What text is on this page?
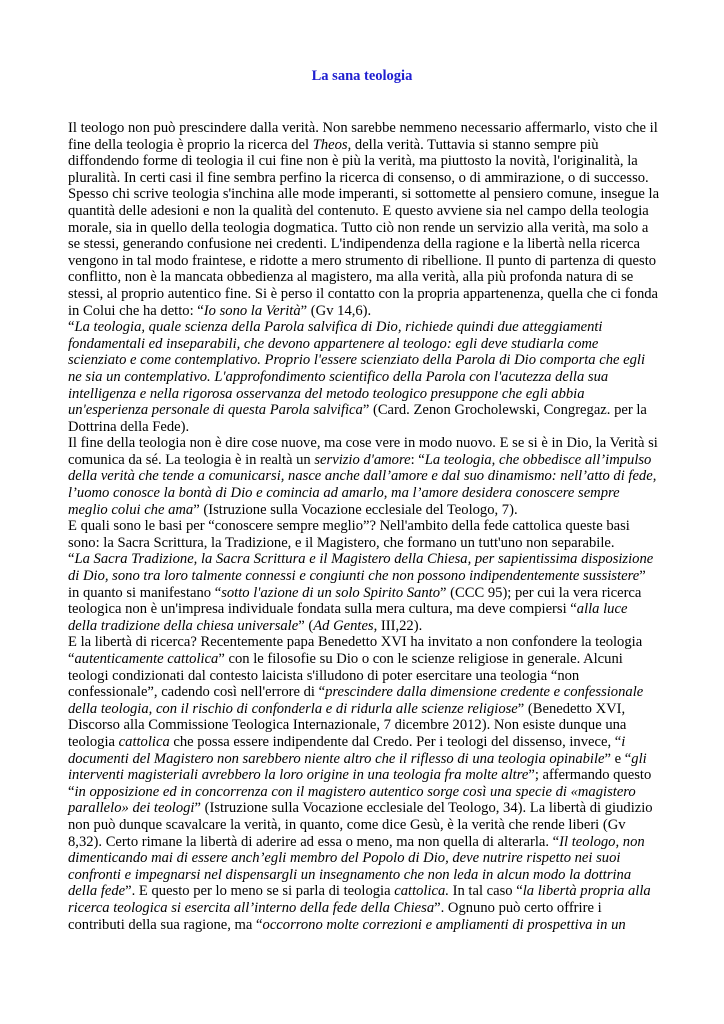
La sana teologia

Il teologo non può prescindere dalla verità. Non sarebbe nemmeno necessario affermarlo, visto che il fine della teologia è proprio la ricerca del Theos, della verità. Tuttavia si stanno sempre più diffondendo forme di teologia il cui fine non è più la verità, ma piuttosto la novità, l'originalità, la pluralità. In certi casi il fine sembra perfino la ricerca di consenso, o di ammirazione, o di successo. Spesso chi scrive teologia s'inchina alle mode imperanti, si sottomette al pensiero comune, insegue la quantità delle adesioni e non la qualità del contenuto. E questo avviene sia nel campo della teologia morale, sia in quello della teologia dogmatica. Tutto ciò non rende un servizio alla verità, ma solo a se stessi, generando confusione nei credenti. L'indipendenza della ragione e la libertà nella ricerca vengono in tal modo fraintese, e ridotte a mero strumento di ribellione. Il punto di partenza di questo conflitto, non è la mancata obbedienza al magistero, ma alla verità, alla più profonda natura di se stessi, al proprio autentico fine. Si è perso il contatto con la propria appartenenza, quella che ci fonda in Colui che ha detto: “Io sono la Verità” (Gv 14,6).

“La teologia, quale scienza della Parola salvifica di Dio, richiede quindi due atteggiamenti fondamentali ed inseparabili, che devono appartenere al teologo: egli deve studiarla come scienziato e come contemplativo. Proprio l'essere scienziato della Parola di Dio comporta che egli ne sia un contemplativo. L'approfondimento scientifico della Parola con l'acutezza della sua intelligenza e nella rigorosa osservanza del metodo teologico presuppone che egli abbia un'esperienza personale di questa Parola salvifica” (Card. Zenon Grocholewski, Congregaz. per la Dottrina della Fede).

Il fine della teologia non è dire cose nuove, ma cose vere in modo nuovo. E se si è in Dio, la Verità si comunica da sé. La teologia è in realtà un servizio d'amore: “La teologia, che obbedisce all’impulso della verità che tende a comunicarsi, nasce anche dall’amore e dal suo dinamismo: nell’atto di fede, l’uomo conosce la bontà di Dio e comincia ad amarlo, ma l’amore desidera conoscere sempre meglio colui che ama” (Istruzione sulla Vocazione ecclesiale del Teologo, 7).

E quali sono le basi per “conoscere sempre meglio”? Nell'ambito della fede cattolica queste basi sono: la Sacra Scrittura, la Tradizione, e il Magistero, che formano un tutt'uno non separabile.

“La Sacra Tradizione, la Sacra Scrittura e il Magistero della Chiesa, per sapientissima disposizione di Dio, sono tra loro talmente connessi e congiunti che non possono indipendentemente sussistere” in quanto si manifestano “sotto l'azione di un solo Spirito Santo” (CCC 95); per cui la vera ricerca teologica non è un'impresa individuale fondata sulla mera cultura, ma deve compiersi “alla luce della tradizione della chiesa universale” (Ad Gentes, III,22).

E la libertà di ricerca? Recentemente papa Benedetto XVI ha invitato a non confondere la teologia “autenticamente cattolica” con le filosofie su Dio o con le scienze religiose in generale. Alcuni teologi condizionati dal contesto laicista s'illudono di poter esercitare una teologia “non confessionale”, cadendo così nell'errore di “prescindere dalla dimensione credente e confessionale della teologia, con il rischio di confonderla e di ridurla alle scienze religiose” (Benedetto XVI, Discorso alla Commissione Teologica Internazionale, 7 dicembre 2012). Non esiste dunque una teologia cattolica che possa essere indipendente dal Credo. Per i teologi del dissenso, invece, “i documenti del Magistero non sarebbero niente altro che il riflesso di una teologia opinabile” e “gli interventi magisteriali avrebbero la loro origine in una teologia fra molte altre”; affermando questo “in opposizione ed in concorrenza con il magistero autentico sorge così una specie di «magistero parallelo» dei teologi” (Istruzione sulla Vocazione ecclesiale del Teologo, 34). La libertà di giudizio non può dunque scavalcare la verità, in quanto, come dice Gesù, è la verità che rende liberi (Gv 8,32). Certo rimane la libertà di aderire ad essa o meno, ma non quella di alterarla. “Il teologo, non dimenticando mai di essere anch’egli membro del Popolo di Dio, deve nutrire rispetto nei suoi confronti e impegnarsi nel dispensargli un insegnamento che non leda in alcun modo la dottrina della fede”. E questo per lo meno se si parla di teologia cattolica. In tal caso “la libertà propria alla ricerca teologica si esercita all’interno della fede della Chiesa”. Ognuno può certo offrire i contributi della sua ragione, ma “occorrono molte correzioni e ampliamenti di prospettiva in un
